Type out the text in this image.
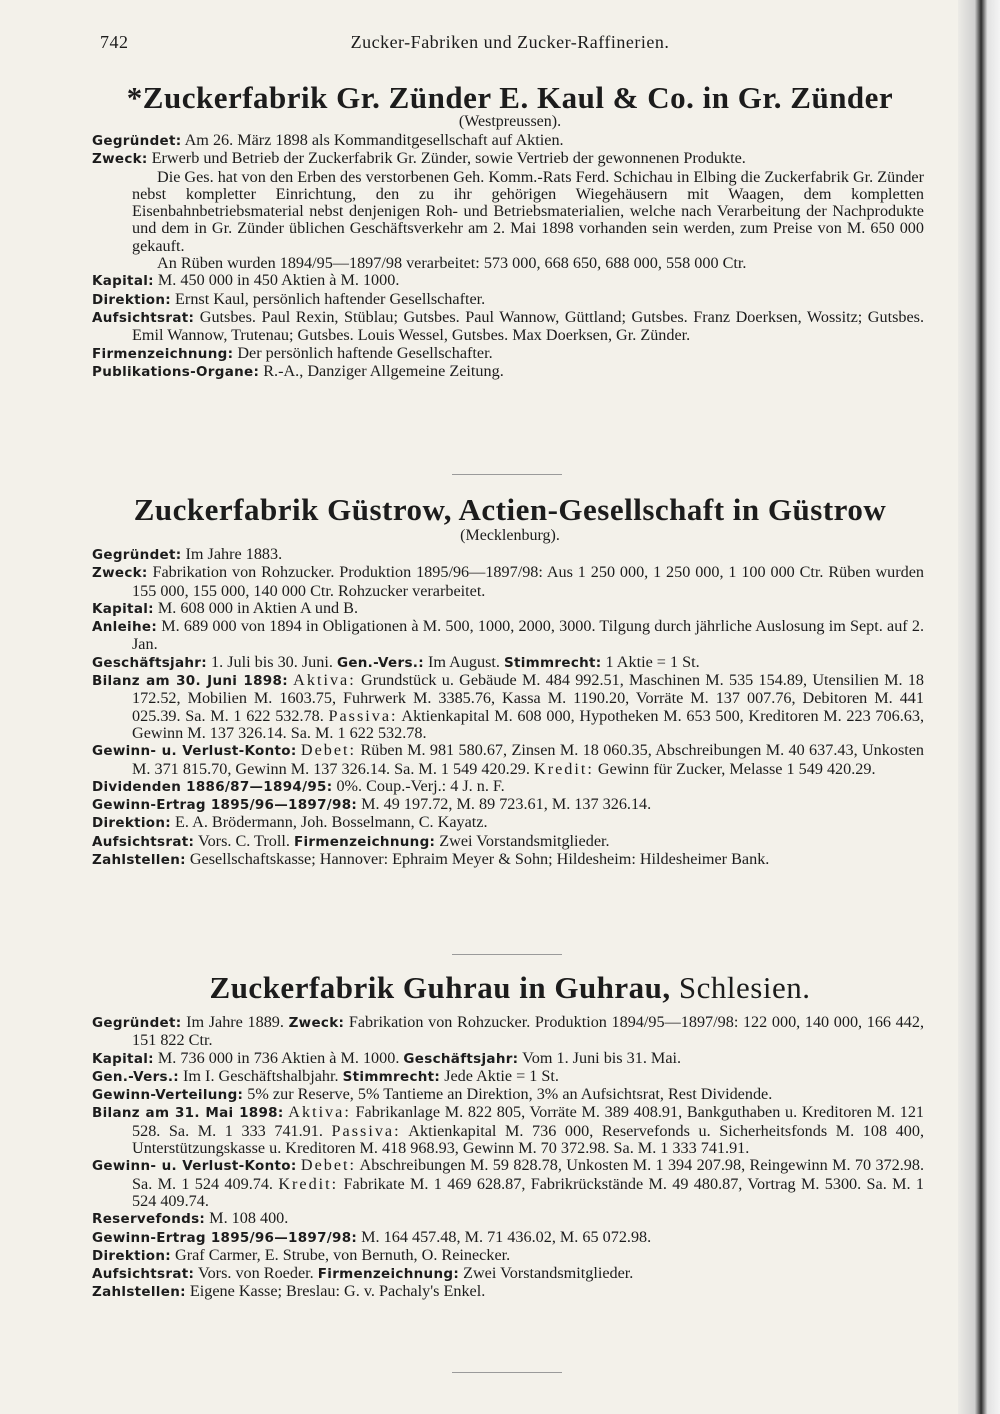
742	Zucker-Fabriken und Zucker-Raffinerien.
*Zuckerfabrik Gr. Zünder E. Kaul & Co. in Gr. Zünder
(Westpreussen).

Gegründet: Am 26. März 1898 als Kommanditgesellschaft auf Aktien.

Zweck: Erwerb und Betrieb der Zuckerfabrik Gr. Zünder, sowie Vertrieb der gewonnenen Produkte.

Die Ges. hat von den Erben des verstorbenen Geh. Komm.-Rats Ferd. Schichau in Elbing die Zuckerfabrik Gr. Zünder nebst kompletter Einrichtung, den zu ihr gehörigen Wiegehäusern mit Waagen, dem kompletten Eisenbahnbetriebsmaterial nebst denjenigen Roh- und Betriebsmaterialien, welche nach Verarbeitung der Nachprodukte und dem in Gr. Zünder üblichen Geschäftsverkehr am 2. Mai 1898 vorhanden sein werden, zum Preise von M. 650 000 gekauft.

An Rüben wurden 1894/95—1897/98 verarbeitet: 573 000, 668 650, 688 000, 558 000 Ctr.

Kapital: M. 450 000 in 450 Aktien à M. 1000.

Direktion: Ernst Kaul, persönlich haftender Gesellschafter.

Aufsichtsrat: Gutsbes. Paul Rexin, Stüblau; Gutsbes. Paul Wannow, Güttland; Gutsbes. Franz Doerksen, Wossitz; Gutsbes. Emil Wannow, Trutenau; Gutsbes. Louis Wessel, Gutsbes. Max Doerksen, Gr. Zünder.

Firmenzeichnung: Der persönlich haftende Gesellschafter.

Publikations-Organe: R.-A., Danziger Allgemeine Zeitung.

Zuckerfabrik Güstrow, Actien-Gesellschaft in Güstrow
(Mecklenburg).

Gegründet: Im Jahre 1883.

Zweck: Fabrikation von Rohzucker. Produktion 1895/96—1897/98: Aus 1 250 000, 1 250 000, 1 100 000 Ctr. Rüben wurden 155 000, 155 000, 140 000 Ctr. Rohzucker verarbeitet.

Kapital: M. 608 000 in Aktien A und B.

Anleihe: M. 689 000 von 1894 in Obligationen à M. 500, 1000, 2000, 3000. Tilgung durch jährliche Auslosung im Sept. auf 2. Jan.

Geschäftsjahr: 1. Juli bis 30. Juni. Gen.-Vers.: Im August. Stimmrecht: 1 Aktie = 1 St.

Bilanz am 30. Juni 1898: Aktiva: Grundstück u. Gebäude M. 484 992.51, Maschinen M. 535 154.89, Utensilien M. 18 172.52, Mobilien M. 1603.75, Fuhrwerk M. 3385.76, Kassa M. 1190.20, Vorräte M. 137 007.76, Debitoren M. 441 025.39. Sa. M. 1 622 532.78. Passiva: Aktienkapital M. 608 000, Hypotheken M. 653 500, Kreditoren M. 223 706.63, Gewinn M. 137 326.14. Sa. M. 1 622 532.78.

Gewinn- u. Verlust-Konto: Debet: Rüben M. 981 580.67, Zinsen M. 18 060.35, Abschreibungen M. 40 637.43, Unkosten M. 371 815.70, Gewinn M. 137 326.14. Sa. M. 1 549 420.29. Kredit: Gewinn für Zucker, Melasse 1 549 420.29.

Dividenden 1886/87—1894/95: 0%. Coup.-Verj.: 4 J. n. F.

Gewinn-Ertrag 1895/96—1897/98: M. 49 197.72, M. 89 723.61, M. 137 326.14.

Direktion: E. A. Brödermann, Joh. Bosselmann, C. Kayatz.

Aufsichtsrat: Vors. C. Troll. Firmenzeichnung: Zwei Vorstandsmitglieder.

Zahlstellen: Gesellschaftskasse; Hannover: Ephraim Meyer & Sohn; Hildesheim: Hildesheimer Bank.

Zuckerfabrik Guhrau in Guhrau, Schlesien.

Gegründet: Im Jahre 1889. Zweck: Fabrikation von Rohzucker. Produktion 1894/95—1897/98: 122 000, 140 000, 166 442, 151 822 Ctr.

Kapital: M. 736 000 in 736 Aktien à M. 1000. Geschäftsjahr: Vom 1. Juni bis 31. Mai.

Gen.-Vers.: Im I. Geschäftshalbjahr. Stimmrecht: Jede Aktie = 1 St.

Gewinn-Verteilung: 5% zur Reserve, 5% Tantieme an Direktion, 3% an Aufsichtsrat, Rest Dividende.

Bilanz am 31. Mai 1898: Aktiva: Fabrikanlage M. 822 805, Vorräte M. 389 408.91, Bankguthaben u. Kreditoren M. 121 528. Sa. M. 1 333 741.91. Passiva: Aktienkapital M. 736 000, Reservefonds u. Sicherheitsfonds M. 108 400, Unterstützungskasse u. Kreditoren M. 418 968.93, Gewinn M. 70 372.98. Sa. M. 1 333 741.91.

Gewinn- u. Verlust-Konto: Debet: Abschreibungen M. 59 828.78, Unkosten M. 1 394 207.98, Reingewinn M. 70 372.98. Sa. M. 1 524 409.74. Kredit: Fabrikate M. 1 469 628.87, Fabrikrückstände M. 49 480.87, Vortrag M. 5300. Sa. M. 1 524 409.74.

Reservefonds: M. 108 400.

Gewinn-Ertrag 1895/96—1897/98: M. 164 457.48, M. 71 436.02, M. 65 072.98.

Direktion: Graf Carmer, E. Strube, von Bernuth, O. Reinecker.

Aufsichtsrat: Vors. von Roeder. Firmenzeichnung: Zwei Vorstandsmitglieder.

Zahlstellen: Eigene Kasse; Breslau: G. v. Pachaly's Enkel.
